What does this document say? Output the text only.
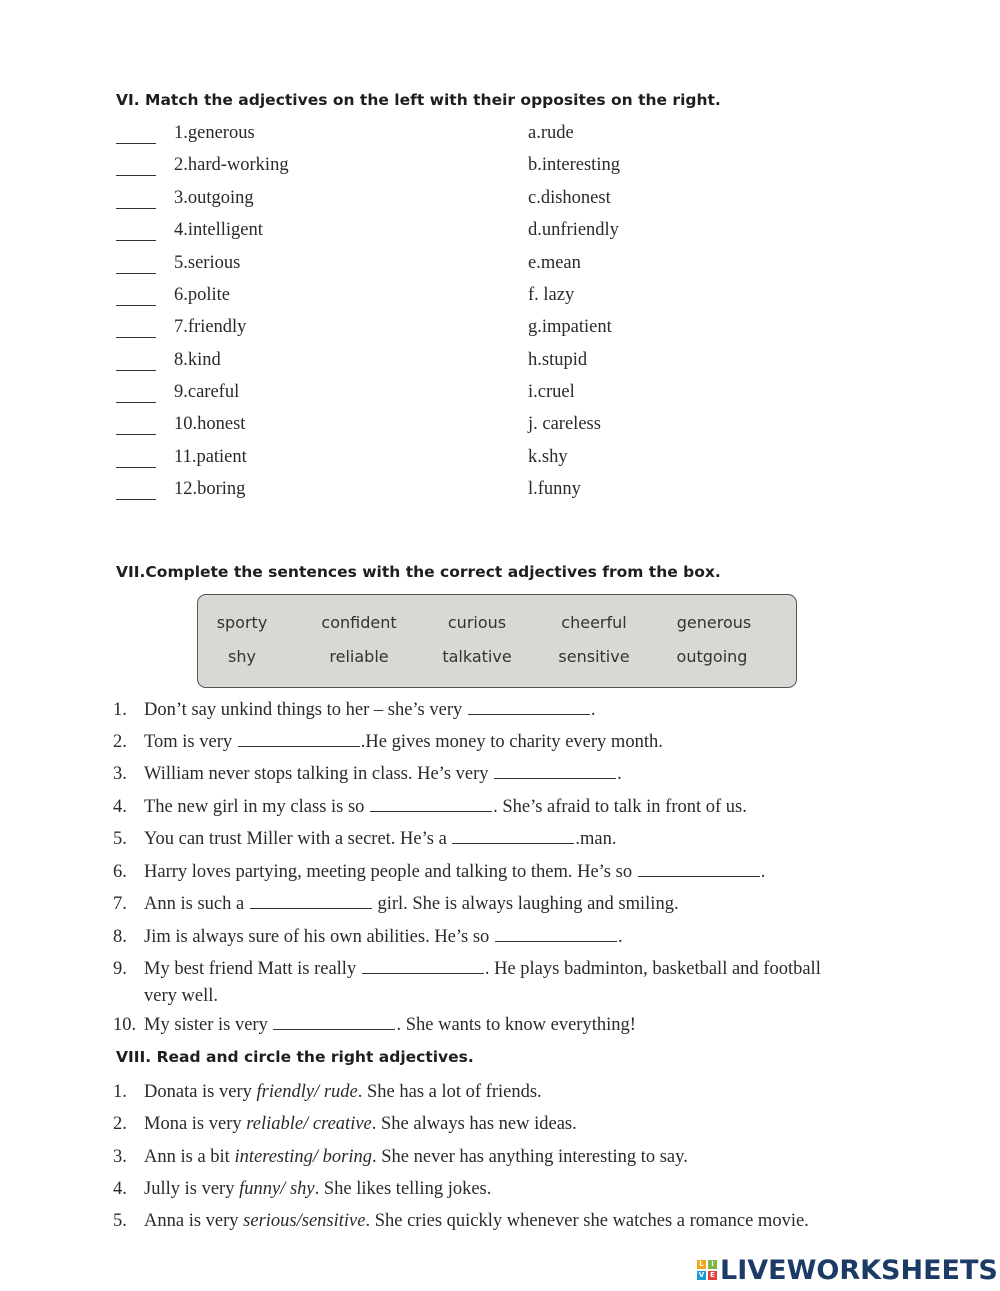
VI. Match the adjectives on the left with their opposites on the right.
1.generous	a.rude
2.hard-working	b.interesting
3.outgoing	c.dishonest
4.intelligent	d.unfriendly
5.serious	e.mean
6.polite	f. lazy
7.friendly	g.impatient
8.kind	h.stupid
9.careful	i.cruel
10.honest	j. careless
11.patient	k.shy
12.boring	l.funny
VII.Complete the sentences with the correct adjectives from the box.
sporty	confident	curious	cheerful	generous
shy	reliable	talkative	sensitive	outgoing
1. Don’t say unkind things to her – she’s very	.
2. Tom is very	.He gives money to charity every month.
3. William never stops talking in class. He’s very	.
4. The new girl in my class is so	. She’s afraid to talk in front of us.
5. You can trust Miller with a secret. He’s a	.man.
6. Harry loves partying, meeting people and talking to them. He’s so	.
7. Ann is such a	girl. She is always laughing and smiling.
8. Jim is always sure of his own abilities. He’s so	.
9. My best friend Matt is really	. He plays badminton, basketball and football
very well.
10. My sister is very	. She wants to know everything!
VIII. Read and circle the right adjectives.
1. Donata is very friendly/ rude. She has a lot of friends.
2. Mona is very reliable/ creative. She always has new ideas.
3. Ann is a bit interesting/ boring. She never has anything interesting to say.
4. Jully is very funny/ shy. She likes telling jokes.
5. Anna is very serious/sensitive. She cries quickly whenever she watches a romance movie.
L	I
V E LIVEWORKSHEETS
